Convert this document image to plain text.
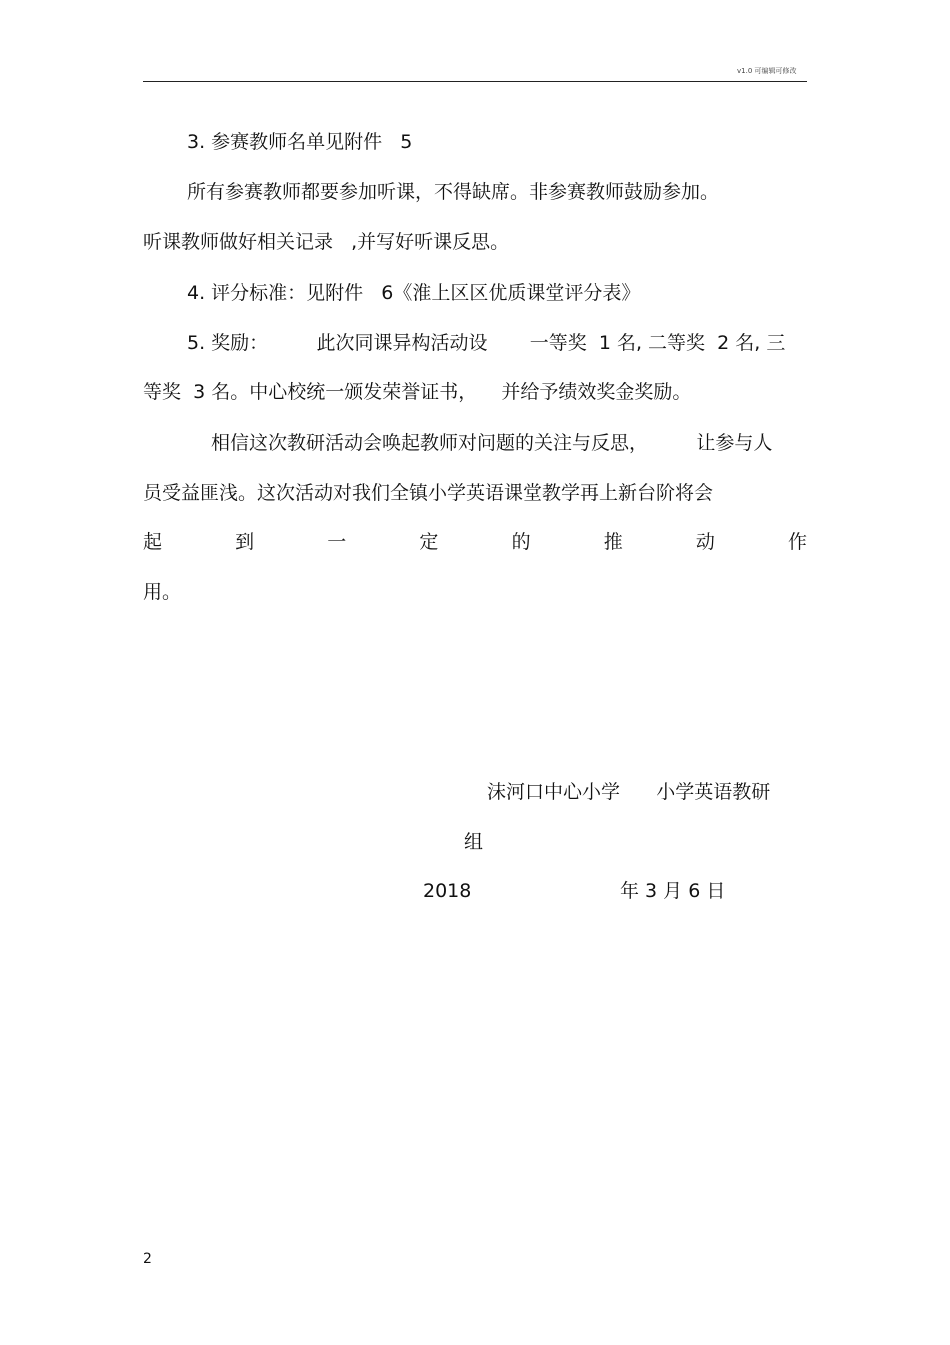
v1.0 可编辑可修改
3. 参赛教师名单见附件   5
所有参赛教师都要参加听课，不得缺席。非参赛教师鼓励参加。
听课教师做好相关记录   ,并写好听课反思。
4. 评分标准：见附件   6《淮上区区优质课堂评分表》
5. 奖励：        此次同课异构活动设       一等奖  1 名, 二等奖  2 名, 三
等奖  3 名。中心校统一颁发荣誉证书，    并给予绩效奖金奖励。
相信这次教研活动会唤起教师对问题的关注与反思，        让参与人
员受益匪浅。这次活动对我们全镇小学英语课堂教学再上新台阶将会
起	到	一	定	的	推	动	作
用。
沫河口中心小学      小学英语教研
组
2018	年 3 月 6 日
2
